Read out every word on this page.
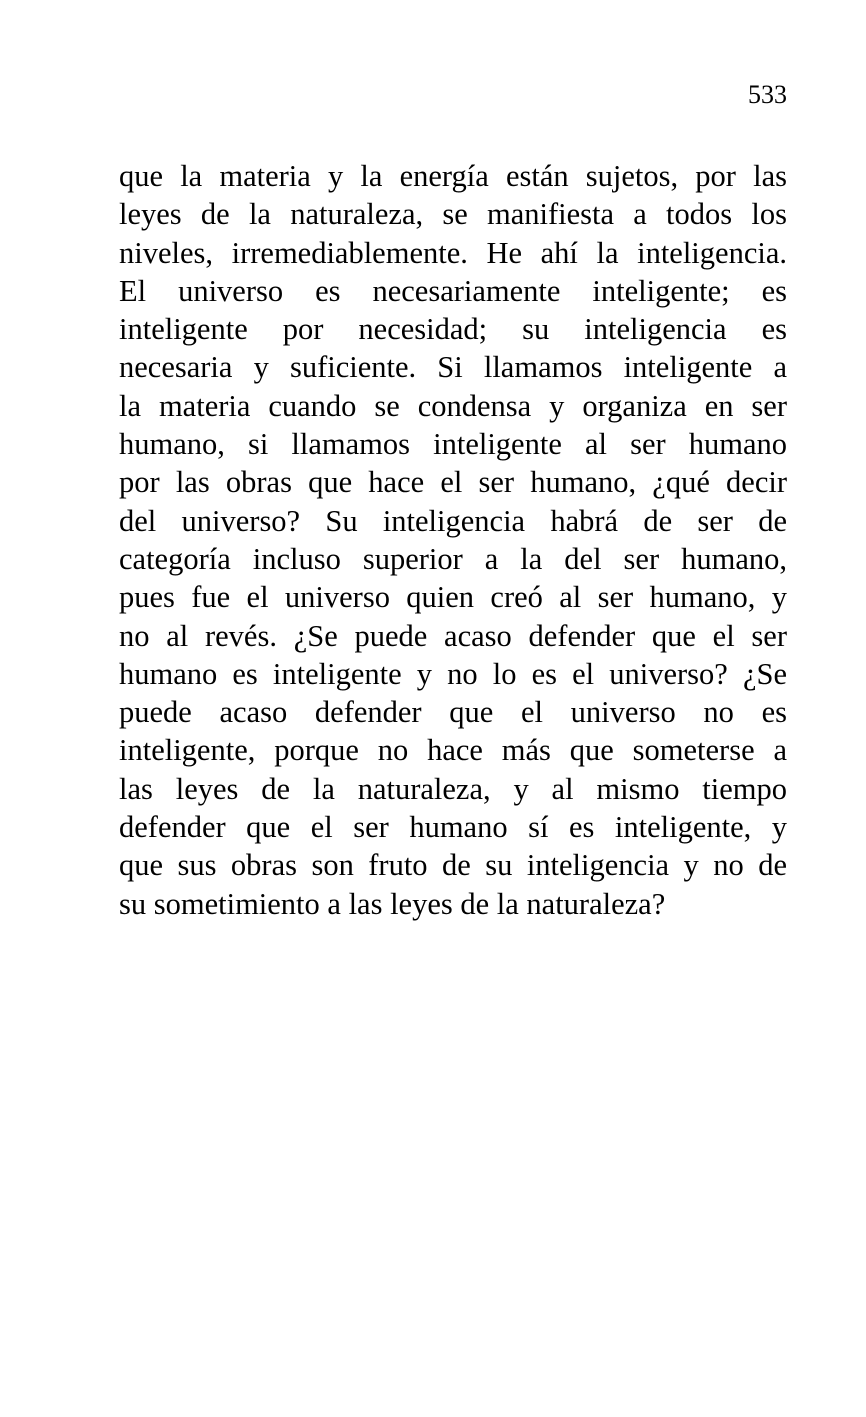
533
que la materia y la energía están sujetos, por las
leyes de la naturaleza, se manifiesta a todos los
niveles, irremediablemente. He ahí la inteligencia.
El universo es necesariamente inteligente; es
inteligente por necesidad; su inteligencia es
necesaria y suficiente. Si llamamos inteligente a
la materia cuando se condensa y organiza en ser
humano, si llamamos inteligente al ser humano
por las obras que hace el ser humano, ¿qué decir
del universo? Su inteligencia habrá de ser de
categoría incluso superior a la del ser humano,
pues fue el universo quien creó al ser humano, y
no al revés. ¿Se puede acaso defender que el ser
humano es inteligente y no lo es el universo? ¿Se
puede acaso defender que el universo no es
inteligente, porque no hace más que someterse a
las leyes de la naturaleza, y al mismo tiempo
defender que el ser humano sí es inteligente, y
que sus obras son fruto de su inteligencia y no de
su sometimiento a las leyes de la naturaleza?
